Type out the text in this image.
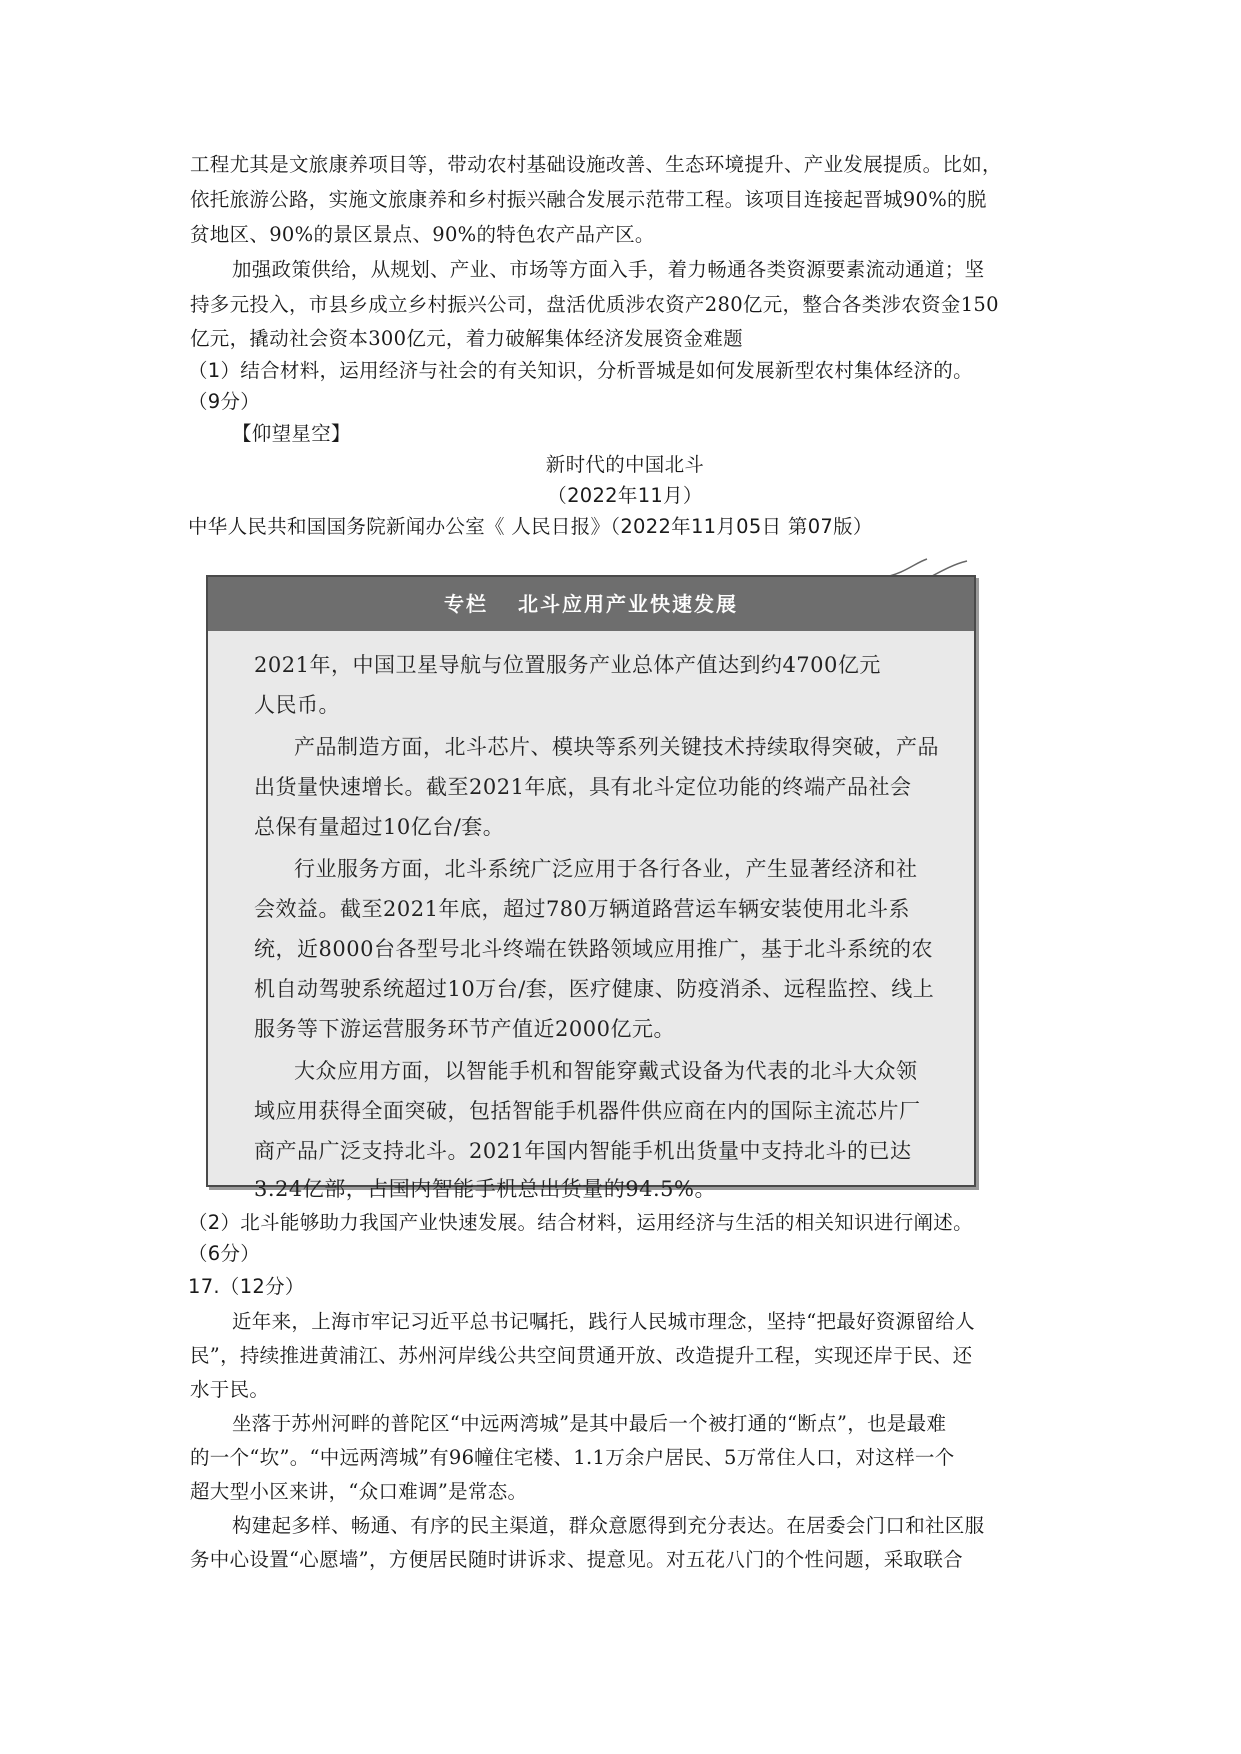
工程尤其是文旅康养项目等，带动农村基础设施改善、生态环境提升、产业发展提质。比如，
依托旅游公路，实施文旅康养和乡村振兴融合发展示范带工程。该项目连接起晋城90%的脱
贫地区、90%的景区景点、90%的特色农产品产区。
加强政策供给，从规划、产业、市场等方面入手，着力畅通各类资源要素流动通道；坚
持多元投入，市县乡成立乡村振兴公司，盘活优质涉农资产280亿元，整合各类涉农资金150
亿元，撬动社会资本300亿元，着力破解集体经济发展资金难题
（1）结合材料，运用经济与社会的有关知识，分析晋城是如何发展新型农村集体经济的。
（9分）
【仰望星空】
新时代的中国北斗
（2022年11月）
中华人民共和国国务院新闻办公室《 人民日报》（2022年11月05日 第07版）
专栏 北斗应用产业快速发展
2021年，中国卫星导航与位置服务产业总体产值达到约4700亿元
人民币。
产品制造方面，北斗芯片、模块等系列关键技术持续取得突破，产品
出货量快速增长。截至2021年底，具有北斗定位功能的终端产品社会
总保有量超过10亿台/套。
行业服务方面，北斗系统广泛应用于各行各业，产生显著经济和社
会效益。截至2021年底，超过780万辆道路营运车辆安装使用北斗系
统，近8000台各型号北斗终端在铁路领域应用推广，基于北斗系统的农
机自动驾驶系统超过10万台/套，医疗健康、防疫消杀、远程监控、线上
服务等下游运营服务环节产值近2000亿元。
大众应用方面，以智能手机和智能穿戴式设备为代表的北斗大众领
域应用获得全面突破，包括智能手机器件供应商在内的国际主流芯片厂
商产品广泛支持北斗。2021年国内智能手机出货量中支持北斗的已达
3.24亿部，占国内智能手机总出货量的94.5%。
（2）北斗能够助力我国产业快速发展。结合材料，运用经济与生活的相关知识进行阐述。
（6分）
17.（12分）
近年来，上海市牢记习近平总书记嘱托，践行人民城市理念，坚持“把最好资源留给人
民”，持续推进黄浦江、苏州河岸线公共空间贯通开放、改造提升工程，实现还岸于民、还
水于民。
坐落于苏州河畔的普陀区“中远两湾城”是其中最后一个被打通的“断点”，也是最难
的一个“坎”。“中远两湾城”有96幢住宅楼、1.1万余户居民、5万常住人口，对这样一个
超大型小区来讲，“众口难调”是常态。
构建起多样、畅通、有序的民主渠道，群众意愿得到充分表达。在居委会门口和社区服
务中心设置“心愿墙”，方便居民随时讲诉求、提意见。对五花八门的个性问题，采取联合
